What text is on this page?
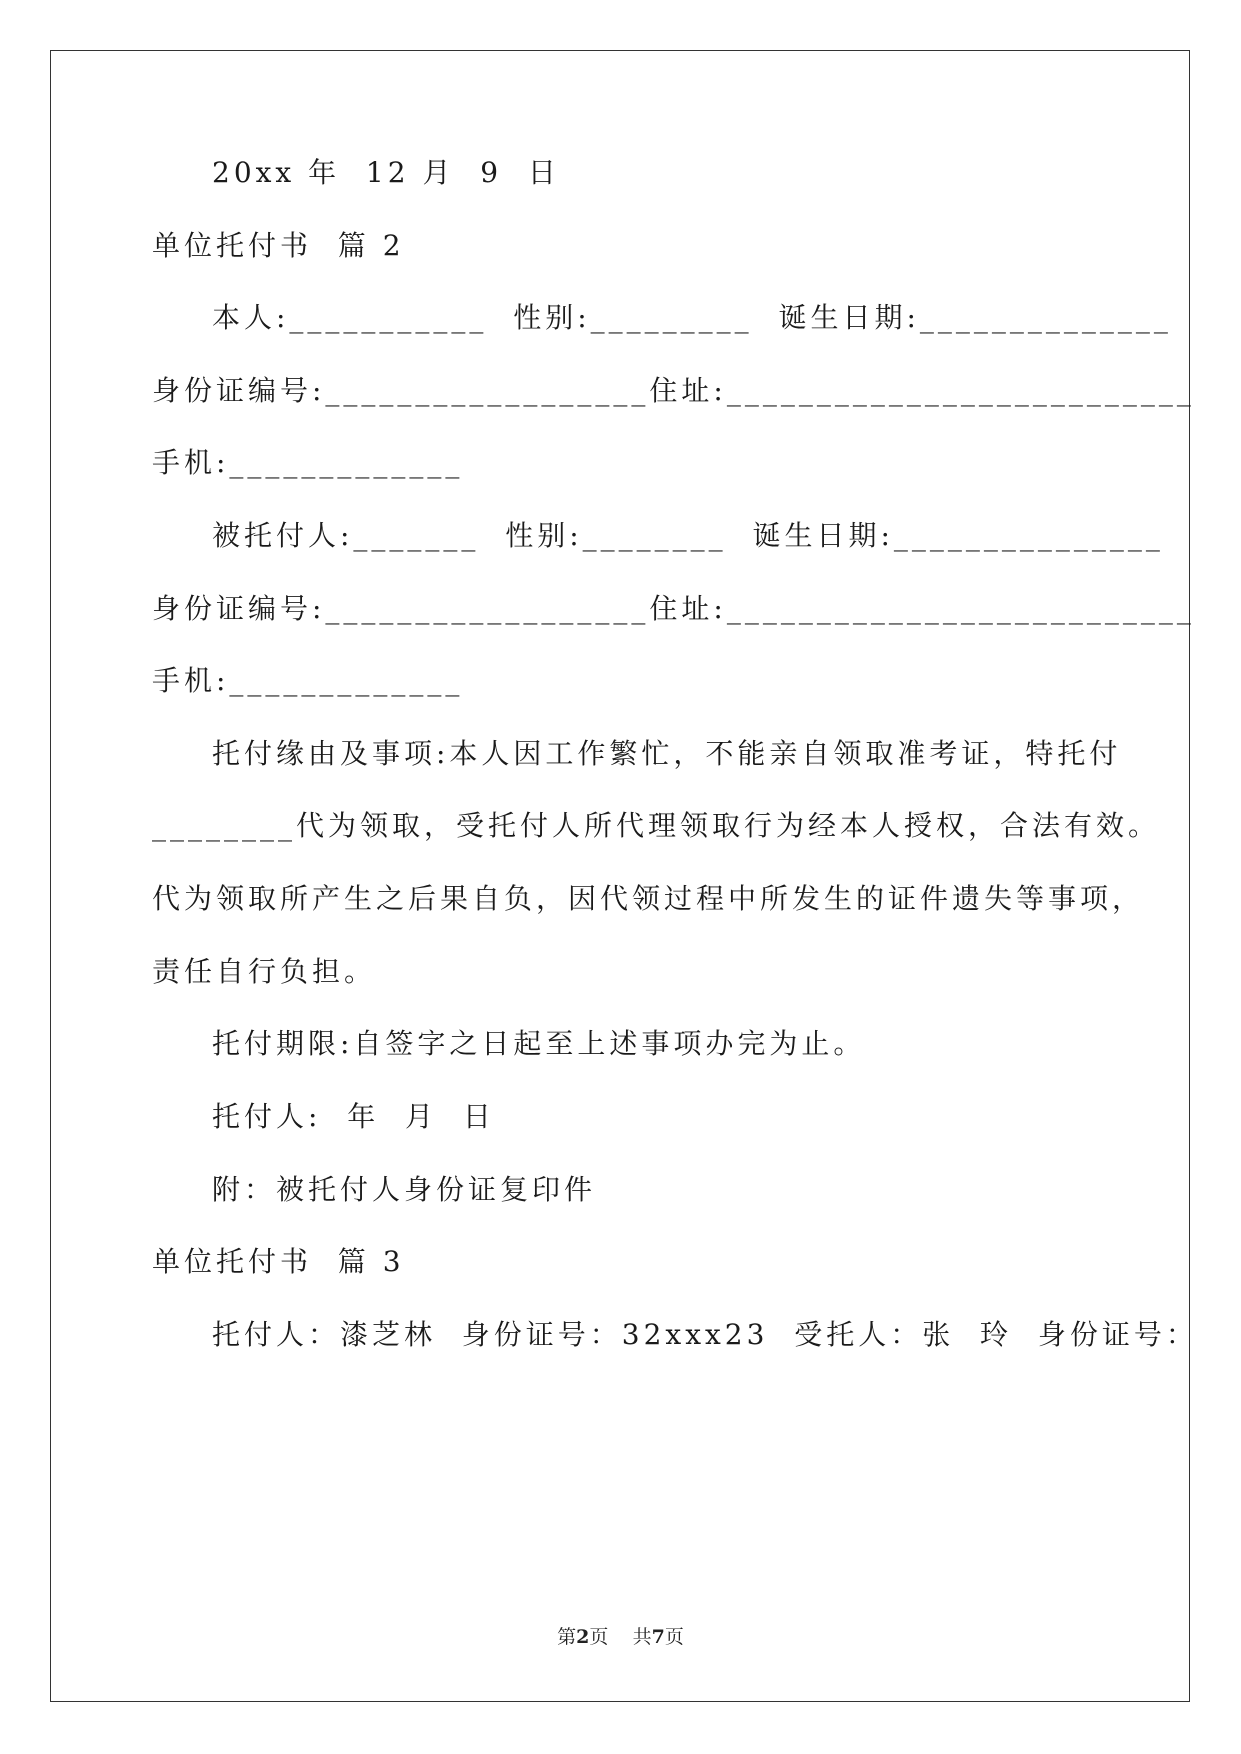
20xx 年  12 月  9  日
单位托付书  篇 2
本人:___________  性别:_________  诞生日期:______________
身份证编号:__________________住址:__________________________
手机:_____________
被托付人:_______  性别:________  诞生日期:_______________
身份证编号:__________________住址:__________________________
手机:_____________
托付缘由及事项:本人因工作繁忙，不能亲自领取准考证，特托付
________代为领取，受托付人所代理领取行为经本人授权，合法有效。
代为领取所产生之后果自负，因代领过程中所发生的证件遗失等事项，
责任自行负担。
托付期限:自签字之日起至上述事项办完为止。
托付人:  年  月  日
附：被托付人身份证复印件
单位托付书  篇 3
托付人：漆芝林  身份证号：32xxx23  受托人：张  玲  身份证号：
第2页    共7页
